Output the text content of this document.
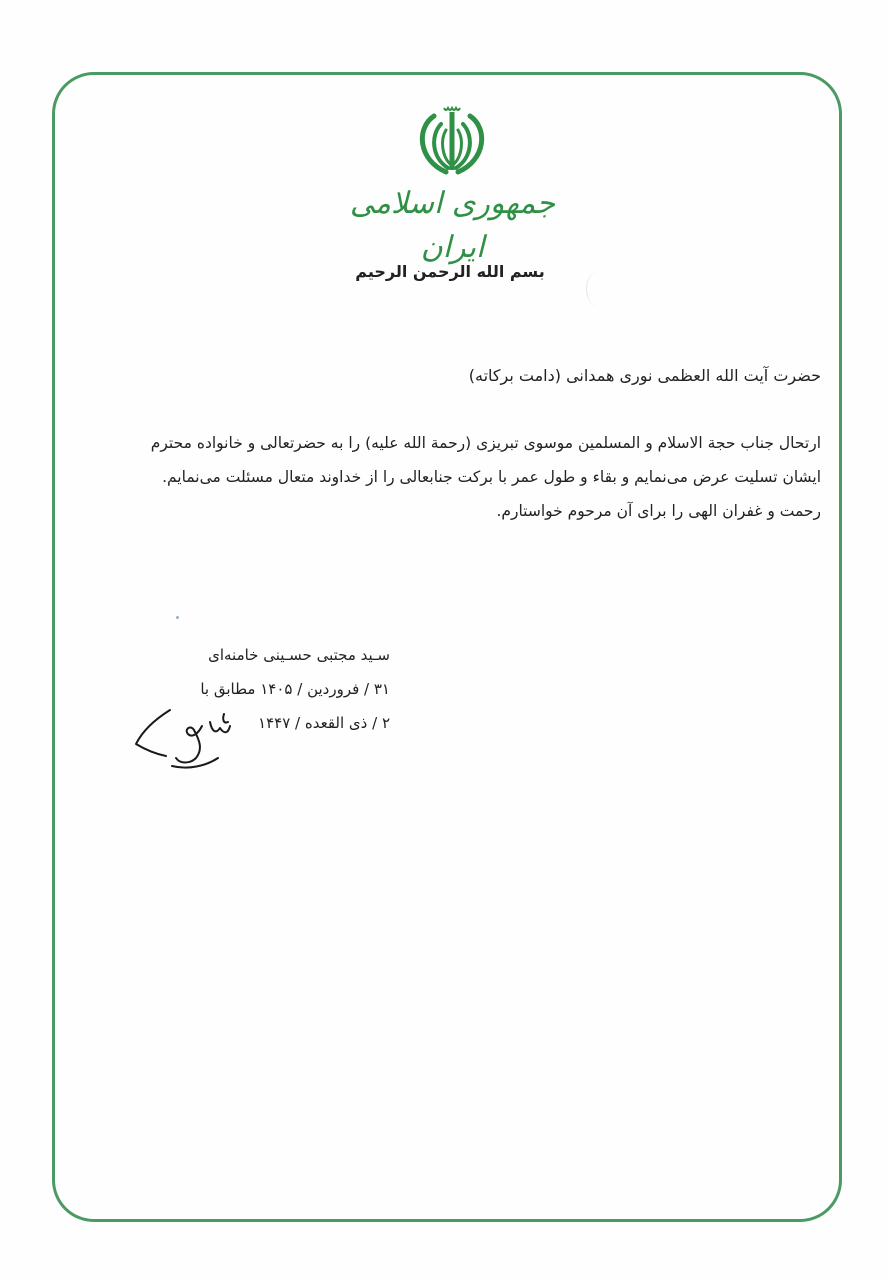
جمهوری اسلامی ایران
بسم الله الرحمن الرحیم
حضرت آیت الله العظمی نوری همدانی (دامت برکاته)

ارتحال جناب حجة الاسلام و المسلمین موسوی تبریزی (رحمة الله علیه) را به حضرتعالی و خانواده محترم

ایشان تسلیت عرض می‌نمایم و بقاء و طول عمر با برکت جنابعالی را از خداوند متعال مسئلت می‌نمایم.

رحمت و غفران الهی را برای آن مرحوم خواستارم.

سـید مجتبی حسـینی خامنه‌ای

۳۱ / فروردین / ۱۴۰۵ مطابق با

۲ / ذی القعده / ۱۴۴۷
